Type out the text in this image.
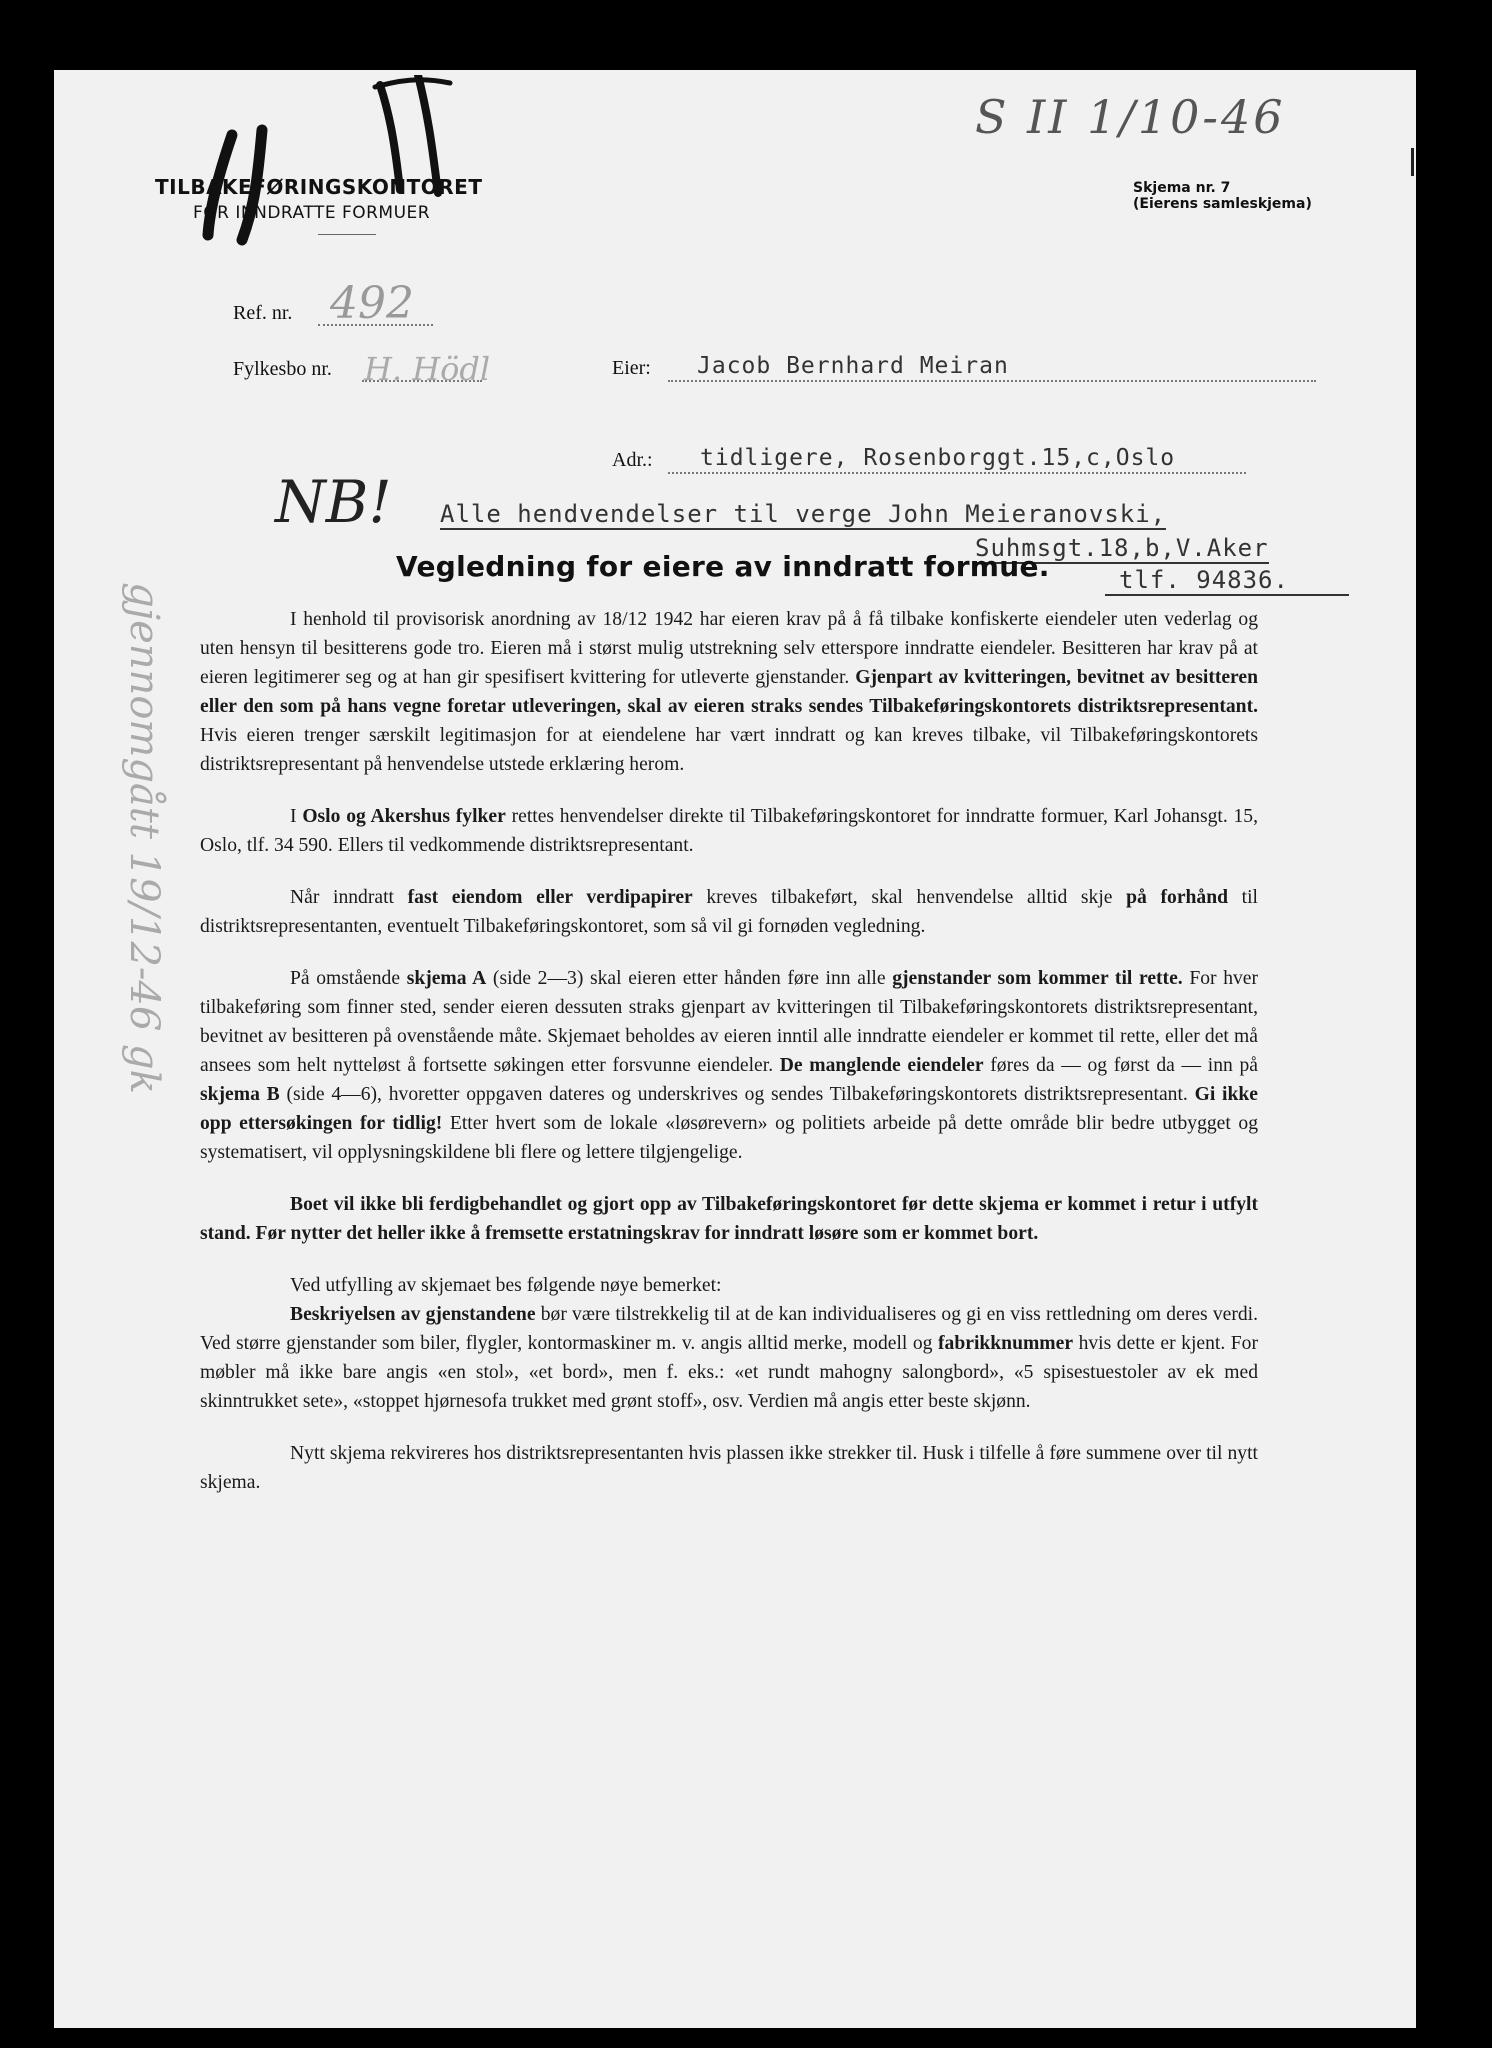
S II 1/10-46
TILBAKEFØRINGSKONTORET
FOR INNDRATTE FORMUER
Skjema nr. 7
(Eierens samleskjema)
Ref. nr. 492
Fylkesbo nr. H. Hödl	Eier: Jacob Bernhard Meiran
Adr.: tidligere, Rosenborggt.15,c,Oslo
NB! Alle hendvendelser til verge John Meieranovski,
Suhmsgt.18,b,V.Aker
tlf. 94836.
Vegledning for eiere av inndratt formue.
gjennomgått 19/12-46 gk	I henhold til provisorisk anordning av 18/12 1942 har eieren krav på å få tilbake konfiskerte eiendeler uten vederlag og uten hensyn til besitterens gode tro. Eieren må i størst mulig utstrekning selv etterspore inndratte eiendeler. Besitteren har krav på at eieren legitimerer seg og at han gir spesifisert kvittering for utleverte gjenstander. Gjenpart av kvitteringen, bevitnet av besitteren eller den som på hans vegne foretar utleveringen, skal av eieren straks sendes Tilbakeføringskontorets distriktsrepresentant. Hvis eieren trenger særskilt legitimasjon for at eiendelene har vært inndratt og kan kreves tilbake, vil Tilbakeføringskontorets distriktsrepresentant på henvendelse utstede erklæring herom.

I Oslo og Akershus fylker rettes henvendelser direkte til Tilbakeføringskontoret for inndratte formuer, Karl Johansgt. 15, Oslo, tlf. 34 590. Ellers til vedkommende distriktsrepresentant.

Når inndratt fast eiendom eller verdipapirer kreves tilbakeført, skal henvendelse alltid skje på forhånd til distriktsrepresentanten, eventuelt Tilbakeføringskontoret, som så vil gi fornøden vegledning.

På omstående skjema A (side 2—3) skal eieren etter hånden føre inn alle gjenstander som kommer til rette. For hver tilbakeføring som finner sted, sender eieren dessuten straks gjenpart av kvitteringen til Tilbakeføringskontorets distriktsrepresentant, bevitnet av besitteren på ovenstående måte. Skjemaet beholdes av eieren inntil alle inndratte eiendeler er kommet til rette, eller det må ansees som helt nytteløst å fortsette søkingen etter forsvunne eiendeler. De manglende eiendeler føres da — og først da — inn på skjema B (side 4—6), hvoretter oppgaven dateres og underskrives og sendes Tilbakeføringskontorets distriktsrepresentant. Gi ikke opp ettersøkingen for tidlig! Etter hvert som de lokale «løsørevern» og politiets arbeide på dette område blir bedre utbygget og systematisert, vil opplysningskildene bli flere og lettere tilgjengelige.

Boet vil ikke bli ferdigbehandlet og gjort opp av Tilbakeføringskontoret før dette skjema er kommet i retur i utfylt stand. Før nytter det heller ikke å fremsette erstatningskrav for inndratt løsøre som er kommet bort.

Ved utfylling av skjemaet bes følgende nøye bemerket:

Beskriyelsen av gjenstandene bør være tilstrekkelig til at de kan individualiseres og gi en viss rettledning om deres verdi. Ved større gjenstander som biler, flygler, kontormaskiner m. v. angis alltid merke, modell og fabrikknummer hvis dette er kjent. For møbler må ikke bare angis «en stol», «et bord», men f. eks.: «et rundt mahogny salongbord», «5 spisestuestoler av ek med skinntrukket sete», «stoppet hjørnesofa trukket med grønt stoff», osv. Verdien må angis etter beste skjønn.

Nytt skjema rekvireres hos distriktsrepresentanten hvis plassen ikke strekker til. Husk i tilfelle å føre summene over til nytt skjema.
